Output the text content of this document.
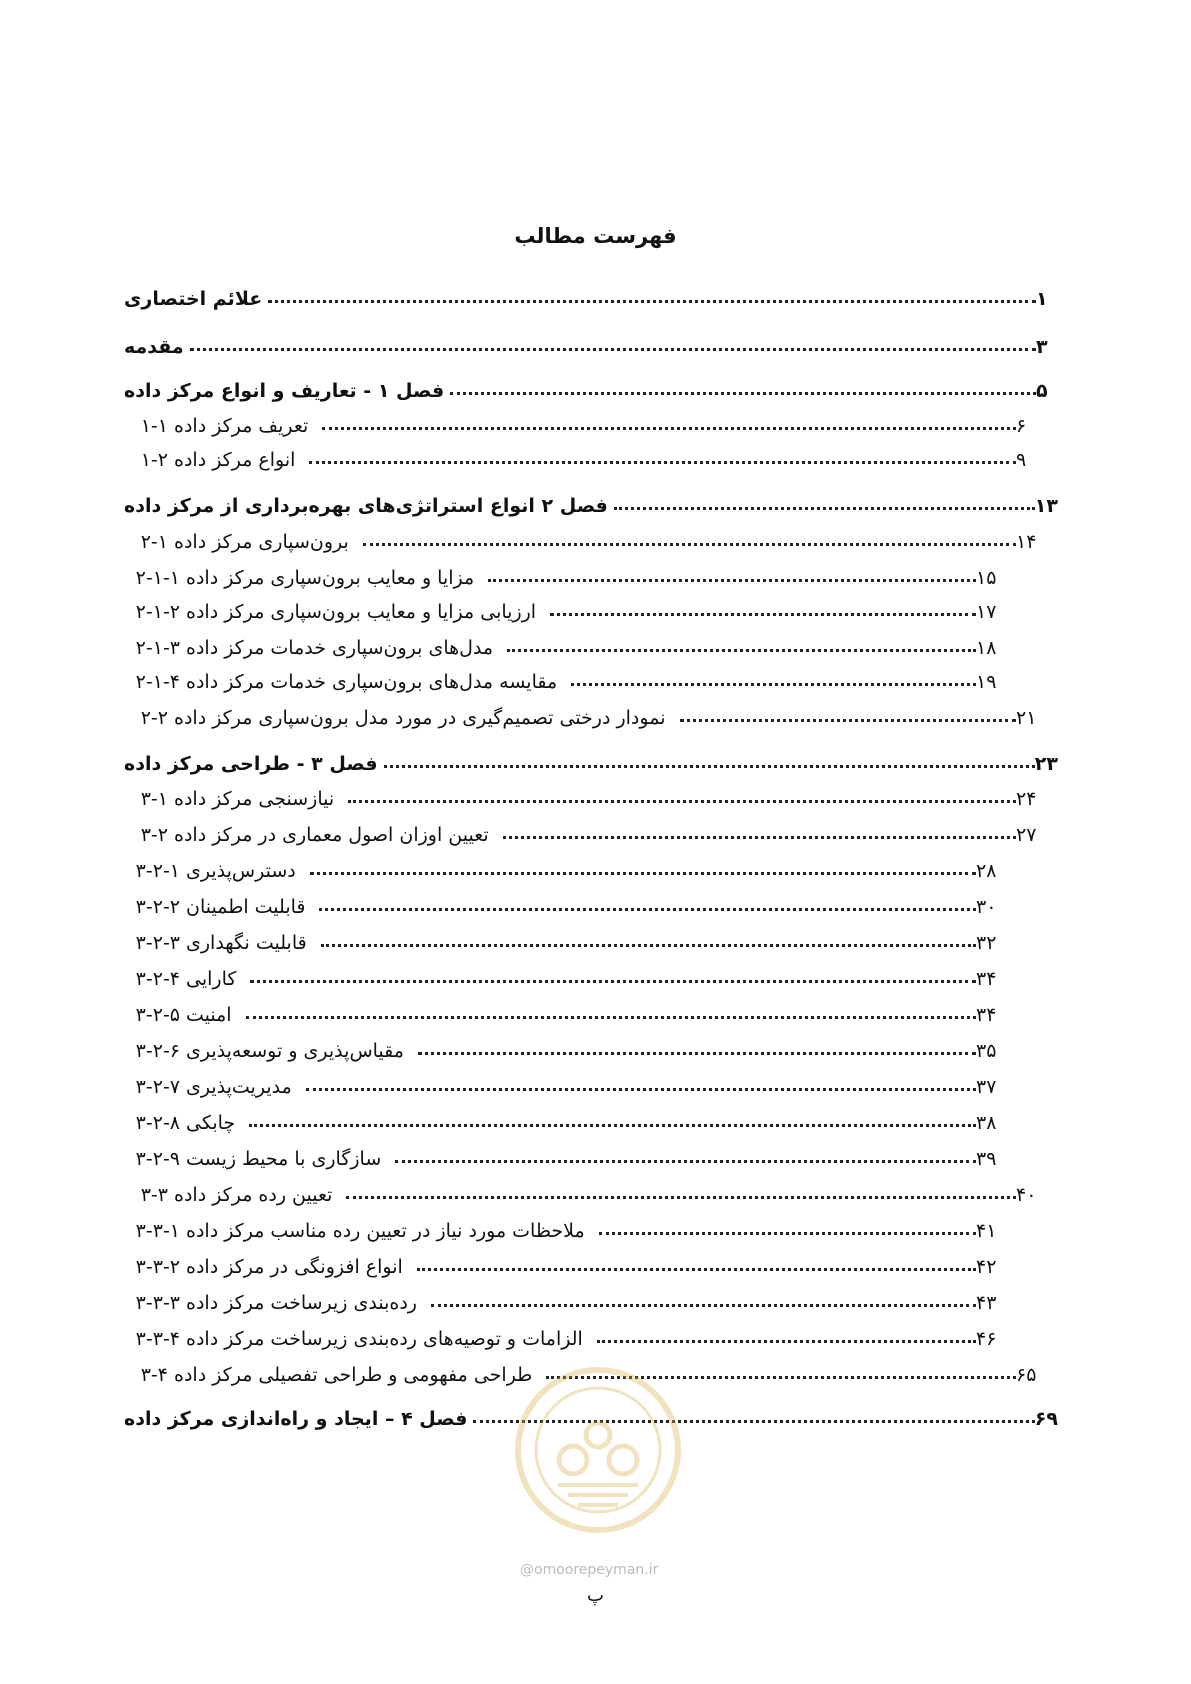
فهرست مطالب
علائم اختصاری	۱
مقدمه	۳
فصل ۱ - تعاریف و انواع مرکز داده	۵
۱-۱ تعریف مرکز داده	۶
۱-۲ انواع مرکز داده	۹
فصل ۲ انواع استراتژی‌های بهره‌برداری از مرکز داده	۱۳
۲-۱ برون‌سپاری مرکز داده	۱۴
۲-۱-۱ مزایا و معایب برون‌سپاری مرکز داده	۱۵
۲-۱-۲ ارزیابی مزایا و معایب برون‌سپاری مرکز داده	۱۷
۲-۱-۳ مدل‌های برون‌سپاری خدمات مرکز داده	۱۸
۲-۱-۴ مقایسه مدل‌های برون‌سپاری خدمات مرکز داده	۱۹
۲-۲ نمودار درختی تصمیم‌گیری در مورد مدل برون‌سپاری مرکز داده	۲۱
فصل ۳ - طراحی مرکز داده	۲۳
۳-۱ نیازسنجی مرکز داده	۲۴
۳-۲ تعیین اوزان اصول معماری در مرکز داده	۲۷
۳-۲-۱ دسترس‌پذیری	۲۸
۳-۲-۲ قابلیت اطمینان	۳۰
۳-۲-۳ قابلیت نگهداری	۳۲
۳-۲-۴ کارایی	۳۴
۳-۲-۵ امنیت	۳۴
۳-۲-۶ مقیاس‌پذیری و توسعه‌پذیری	۳۵
۳-۲-۷ مدیریت‌پذیری	۳۷
۳-۲-۸ چابکی	۳۸
۳-۲-۹ سازگاری با محیط زیست	۳۹
۳-۳ تعیین رده مرکز داده	۴۰
۳-۳-۱ ملاحظات مورد نیاز در تعیین رده مناسب مرکز داده	۴۱
۳-۳-۲ انواع افزونگی در مرکز داده	۴۲
۳-۳-۳ رده‌بندی زیرساخت مرکز داده	۴۳
۳-۳-۴ الزامات و توصیه‌های رده‌بندی زیرساخت مرکز داده	۴۶
۳-۴ طراحی مفهومی و طراحی تفصیلی مرکز داده	۶۵
فصل ۴ – ایجاد و راه‌اندازی مرکز داده	۶۹
@omoorepeyman.ir
پ
